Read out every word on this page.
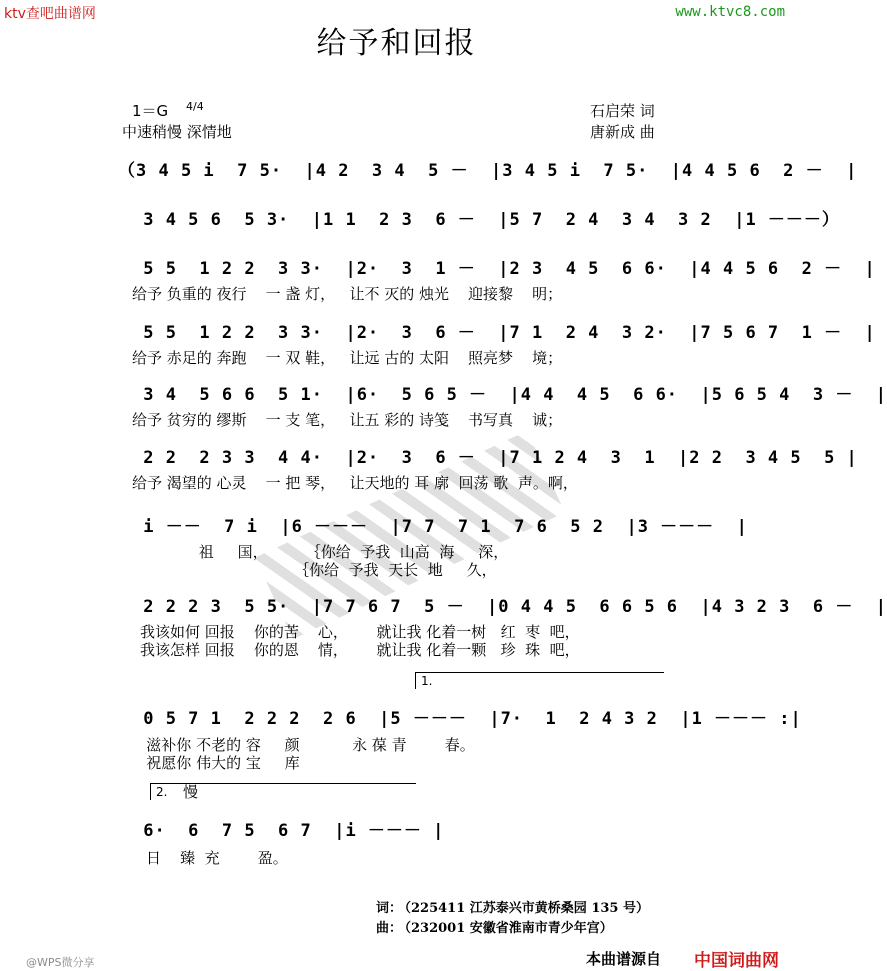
ktv查吧曲谱网	www.ktvc8.com
给予和回报
1＝G 4/4
中速稍慢 深情地
石启荣 词
唐新成 曲
（3 4 5 i  7 5·  |4 2  3 4  5 －  |3 4 5 i  7 5·  |4 4 5 6  2 －  |
3 4 5 6  5 3·  |1 1  2 3  6 －  |5 7  2 4  3 4  3 2  |1 －－－）
5 5  1 2 2  3 3·  |2·  3  1 －  |2 3  4 5  6 6·  |4 4 5 6  2 －  |
给予 负重的 夜行    一 盏 灯，   让不 灭的 烛光    迎接黎    明；
5 5  1 2 2  3 3·  |2·  3  6 －  |7 1  2 4  3 2·  |7 5 6 7  1 －  |
给予 赤足的 奔跑    一 双 鞋，   让远 古的 太阳    照亮梦    境；
3 4  5 6 6  5 1·  |6·  5 6 5 －  |4 4  4 5  6 6·  |5 6 5 4  3 －  |
给予 贫穷的 缪斯    一 支 笔，   让五 彩的 诗笺    书写真    诚；
2 2  2 3 3  4 4·  |2·  3  6 －  |7 1 2 4  3  1  |2 2  3 4 5  5 |
给予 渴望的 心灵    一 把 琴，   让天地的 耳 廓  回荡 歌  声。啊，
i －－  7 i  |6 －－－  |7 7  7 1  7 6  5 2  |3 －－－  |
祖     国，        ｛你给  予我  山高  海     深，
｛你给  予我  天长  地     久，
2 2 2 3  5 5·  |7 7 6 7  5 －  |0 4 4 5  6 6 5 6  |4 3 2 3  6 －  |
我该如何 回报    你的苦    心，      就让我 化着一树   红  枣  吧，
我该怎样 回报    你的恩    情，      就让我 化着一颗   珍  珠  吧，
1.
0 5 7 1  2 2 2  2 6  |5 －－－  |7·  1  2 4 3 2  |1 －－－ :|
滋补你 不老的 容     颜           永 葆 青        春。
祝愿你 伟大的 宝     库
2. 慢
6·  6  7 5  6 7  |i －－－ |
日    臻  充        盈。
词：
（225411 江苏泰兴市黄桥桑园 135 号）
曲：
（232001 安徽省淮南市青少年宫）
@WPS微分享	本曲谱源自 中国词曲网
